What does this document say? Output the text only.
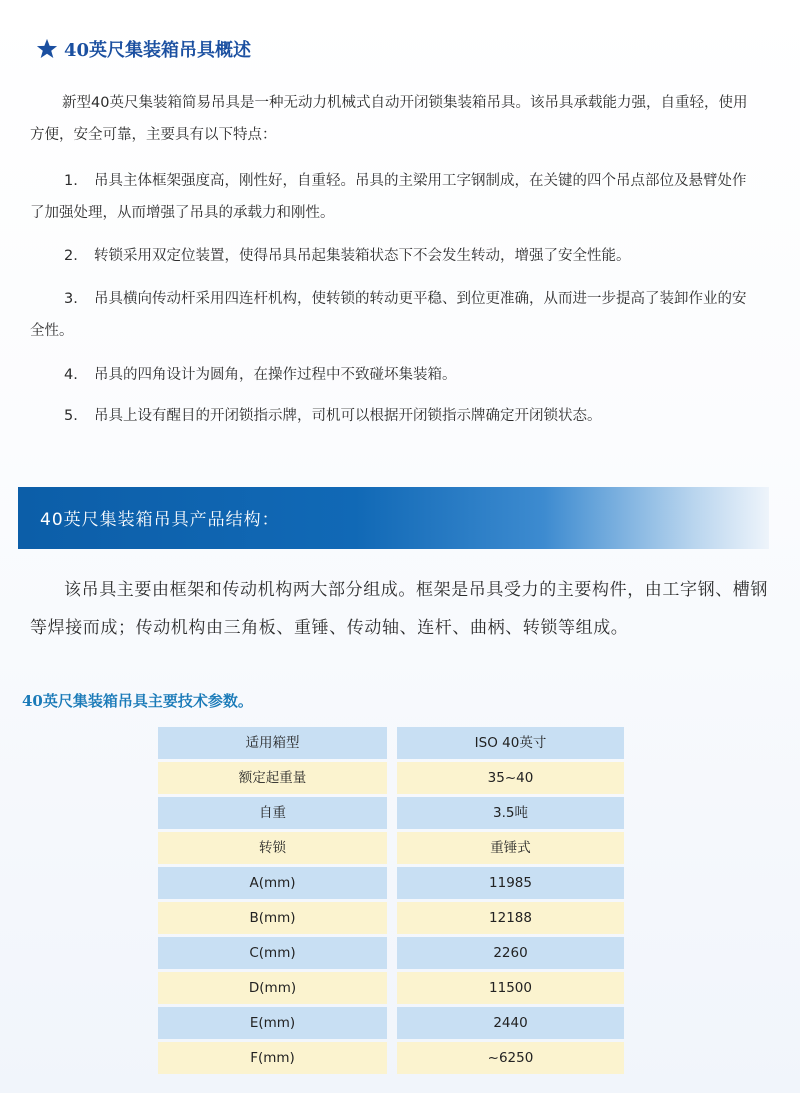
40英尺集装箱吊具概述

新型40英尺集装箱简易吊具是一种无动力机械式自动开闭锁集装箱吊具。该吊具承载能力强，自重轻，使用方便，安全可靠，主要具有以下特点：

1. 吊具主体框架强度高，刚性好，自重轻。吊具的主梁用工字钢制成，在关键的四个吊点部位及悬臂处作了加强处理，从而增强了吊具的承载力和刚性。

2. 转锁采用双定位装置，使得吊具吊起集装箱状态下不会发生转动，增强了安全性能。

3. 吊具横向传动杆采用四连杆机构，使转锁的转动更平稳、到位更准确，从而进一步提高了装卸作业的安全性。

4. 吊具的四角设计为圆角，在操作过程中不致碰坏集装箱。

5. 吊具上设有醒目的开闭锁指示牌，司机可以根据开闭锁指示牌确定开闭锁状态。

40英尺集装箱吊具产品结构：

该吊具主要由框架和传动机构两大部分组成。框架是吊具受力的主要构件，由工字钢、槽钢等焊接而成；传动机构由三角板、重锤、传动轴、连杆、曲柄、转锁等组成。

40英尺集装箱吊具主要技术参数。
适用箱型	ISO 40英寸
额定起重量	35~40
自重	3.5吨
转锁	重锤式
A(mm)	11985
B(mm)	12188
C(mm)	2260
D(mm)	11500
E(mm)	2440
F(mm)	~6250
